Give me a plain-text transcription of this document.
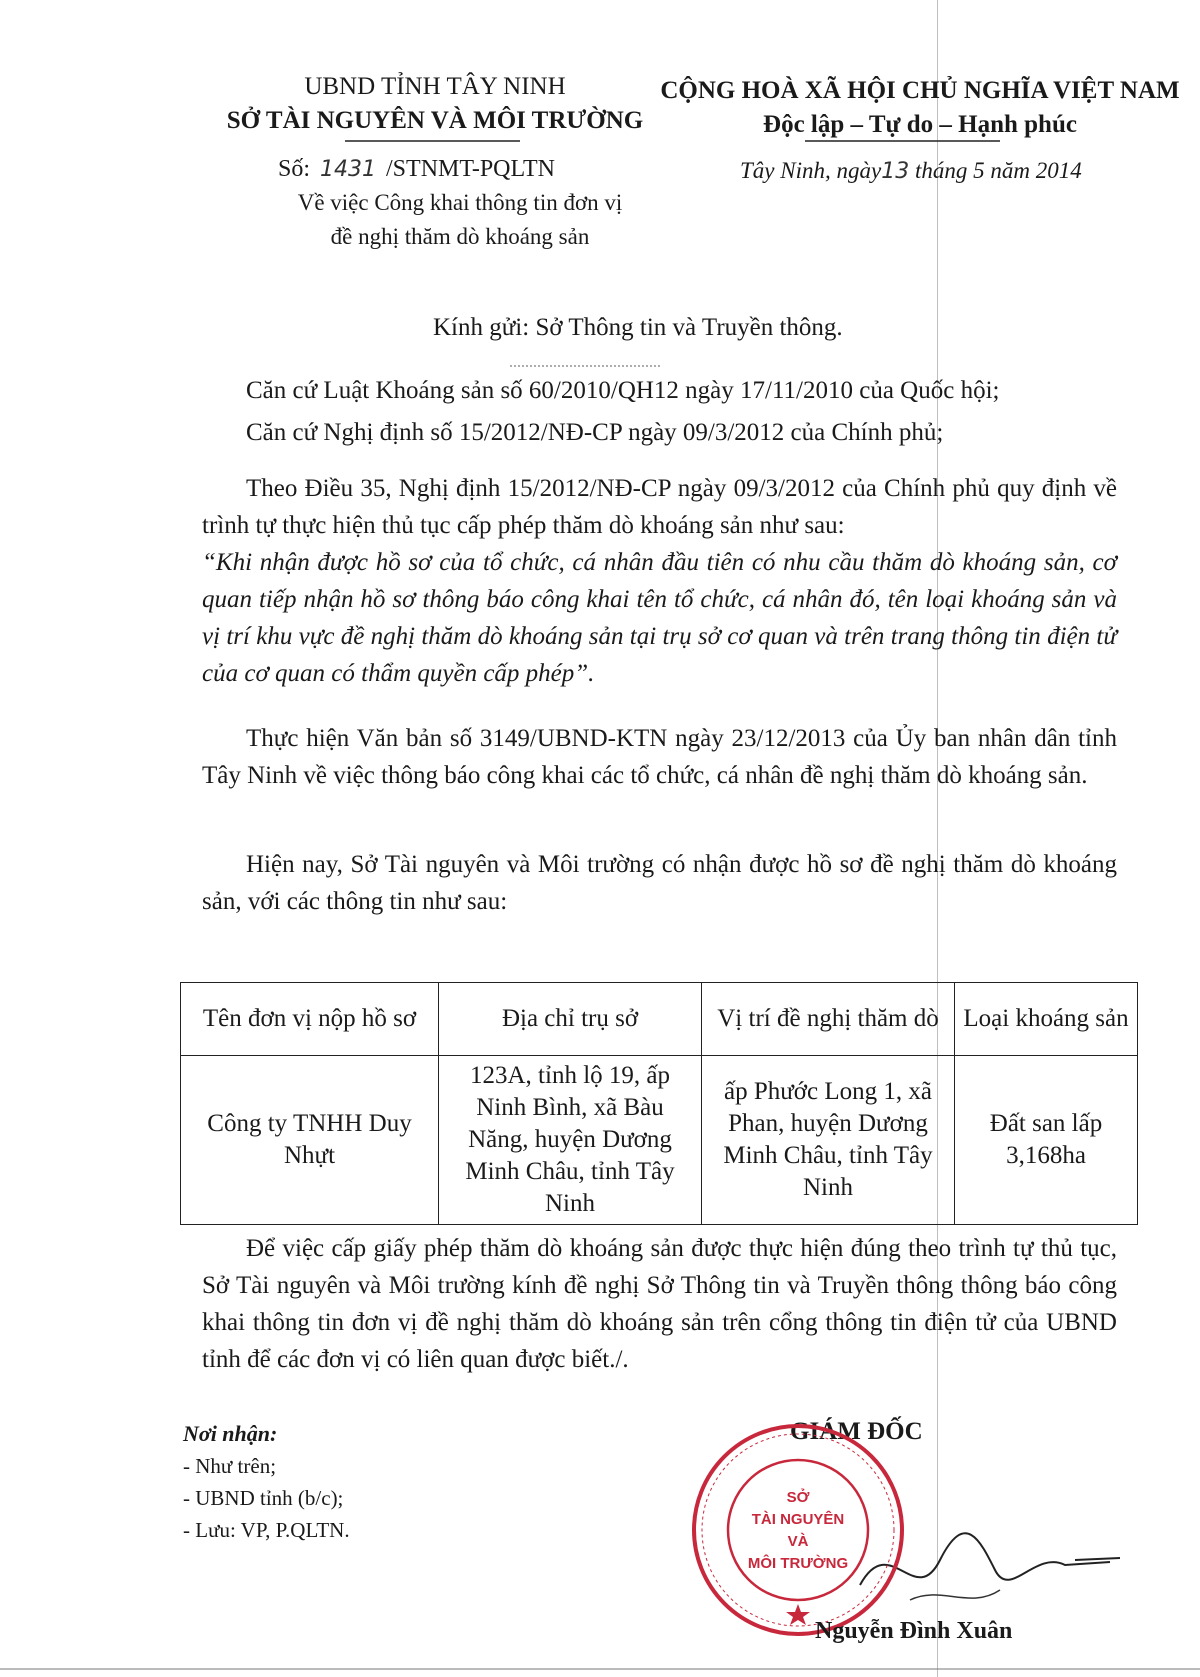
UBND TỈNH TÂY NINH
SỞ TÀI NGUYÊN VÀ MÔI TRƯỜNG
CỘNG HOÀ XÃ HỘI CHỦ NGHĨA VIỆT NAM
Độc lập – Tự do – Hạnh phúc
Số: 1431 /STNMT-PQLTN	Tây Ninh, ngày13 tháng 5 năm 2014
Về việc Công khai thông tin đơn vị
đề nghị thăm dò khoáng sản
Kính gửi: Sở Thông tin và Truyền thông.
Căn cứ Luật Khoáng sản số 60/2010/QH12 ngày 17/11/2010 của Quốc hội;
Căn cứ Nghị định số 15/2012/NĐ-CP ngày 09/3/2012 của Chính phủ;
Theo Điều 35, Nghị định 15/2012/NĐ-CP ngày 09/3/2012 của Chính phủ quy định về trình tự thực hiện thủ tục cấp phép thăm dò khoáng sản như sau:
“Khi nhận được hồ sơ của tổ chức, cá nhân đầu tiên có nhu cầu thăm dò khoáng sản, cơ quan tiếp nhận hồ sơ thông báo công khai tên tổ chức, cá nhân đó, tên loại khoáng sản và vị trí khu vực đề nghị thăm dò khoáng sản tại trụ sở cơ quan và trên trang thông tin điện tử của cơ quan có thẩm quyền cấp phép”.
Thực hiện Văn bản số 3149/UBND-KTN ngày 23/12/2013 của Ủy ban nhân dân tỉnh Tây Ninh về việc thông báo công khai các tổ chức, cá nhân đề nghị thăm dò khoáng sản.
Hiện nay, Sở Tài nguyên và Môi trường có nhận được hồ sơ đề nghị thăm dò khoáng sản, với các thông tin như sau:
Tên đơn vị nộp hồ sơ	Địa chỉ trụ sở	Vị trí đề nghị thăm dò	Loại khoáng sản
Công ty TNHH Duy Nhựt	123A, tỉnh lộ 19, ấp Ninh Bình, xã Bàu Năng, huyện Dương Minh Châu, tỉnh Tây Ninh	ấp Phước Long 1, xã Phan, huyện Dương Minh Châu, tỉnh Tây Ninh	Đất san lấp 3,168ha
Để việc cấp giấy phép thăm dò khoáng sản được thực hiện đúng theo trình tự thủ tục, Sở Tài nguyên và Môi trường kính đề nghị Sở Thông tin và Truyền thông thông báo công khai thông tin đơn vị đề nghị thăm dò khoáng sản trên cổng thông tin điện tử của UBND tỉnh để các đơn vị có liên quan được biết./.
Nơi nhận:
- Như trên;
- UBND tỉnh (b/c);
- Lưu: VP, P.QLTN.
GIÁM ĐỐC
SỞ
TÀI NGUYÊN
VÀ
MÔI TRƯỜNG
Nguyễn Đình Xuân
